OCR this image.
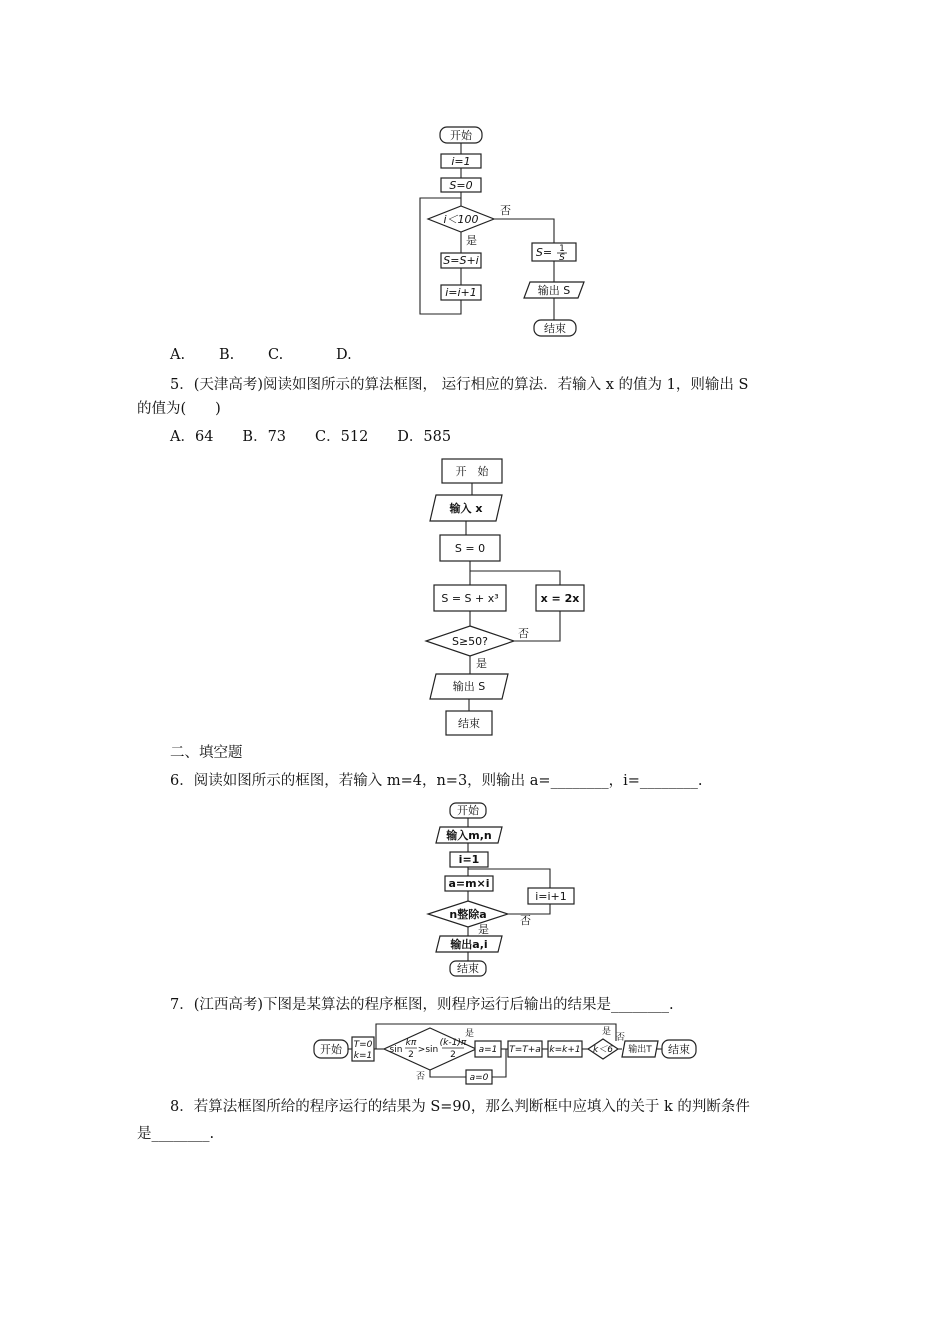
开始
i=1
S=0
i＜100
否
是
S=S+i
i=i+1
S= 1
S
输出 S
结束
A. B. C.	D.
5．(天津高考)阅读如图所示的算法框图， 运行相应的算法．若输入 x 的值为 1，则输出 S
的值为(　　)
A．64　　B．73　　C．512　　D．585
开　始
输入 x
S = 0
S = S + x³	x = 2x
S≥50?
否
是
输出 S
结束
二、填空题
6．阅读如图所示的框图，若输入 m=4，n=3，则输出 a=________，i=________.
开始
输入m,n
i=1
a=m×i
i=i+1
n整除a	否
是
输出a,i
结束
7．(江西高考)下图是某算法的程序框图，则程序运行后输出的结果是________.
开始 T=0
k=1
sin
kπ
2 >sin
(k-1)π
2
是
a=1
否	a=0
T=T+a k=k+1 k＜6
是
否
输出T 结束
8．若算法框图所给的程序运行的结果为 S=90，那么判断框中应填入的关于 k 的判断条件
是________.
